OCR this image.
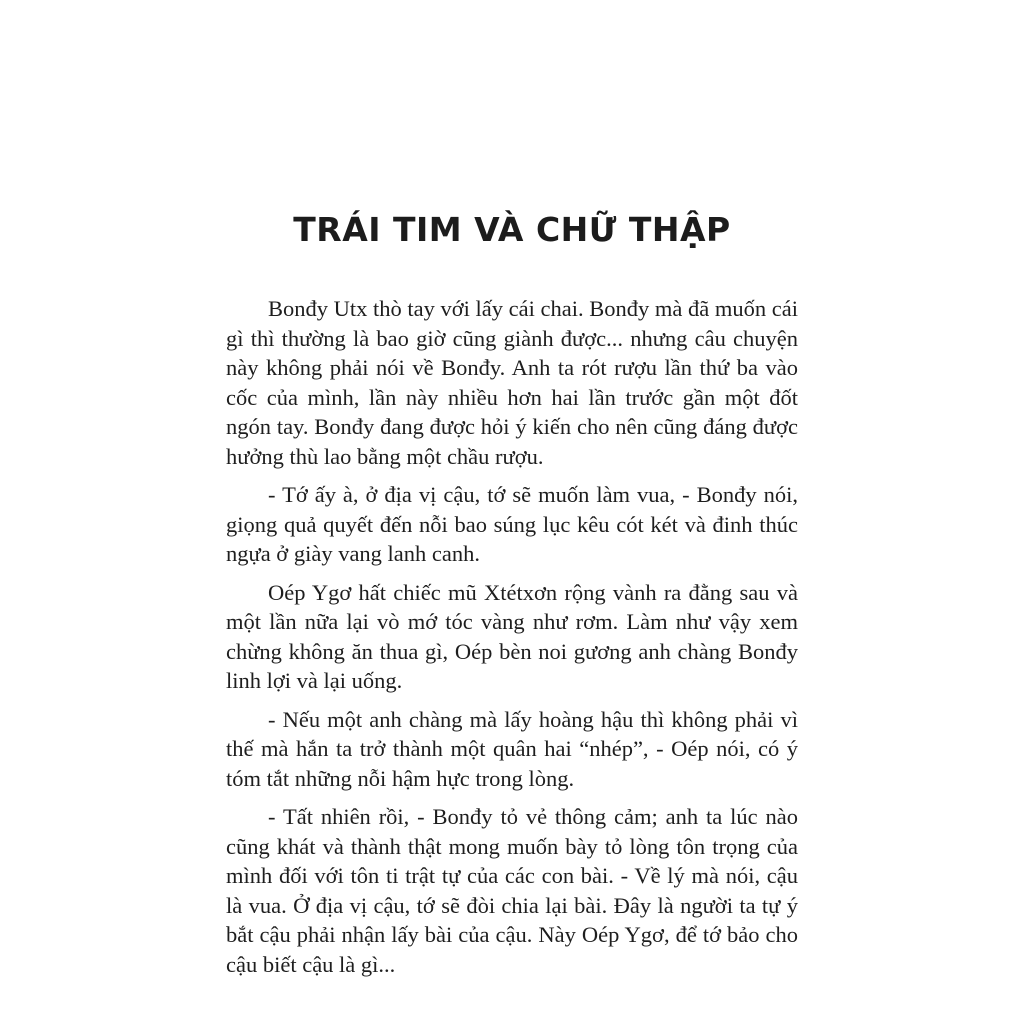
TRÁI TIM VÀ CHỮ THẬP

Bonđy Utx thò tay với lấy cái chai. Bonđy mà đã muốn cái gì thì thường là bao giờ cũng giành được... nhưng câu chuyện này không phải nói về Bonđy. Anh ta rót rượu lần thứ ba vào cốc của mình, lần này nhiều hơn hai lần trước gần một đốt ngón tay. Bonđy đang được hỏi ý kiến cho nên cũng đáng được hưởng thù lao bằng một chầu rượu.

- Tớ ấy à, ở địa vị cậu, tớ sẽ muốn làm vua, - Bonđy nói, giọng quả quyết đến nỗi bao súng lục kêu cót két và đinh thúc ngựa ở giày vang lanh canh.

Oép Ygơ hất chiếc mũ Xtétxơn rộng vành ra đằng sau và một lần nữa lại vò mớ tóc vàng như rơm. Làm như vậy xem chừng không ăn thua gì, Oép bèn noi gương anh chàng Bonđy linh lợi và lại uống.

- Nếu một anh chàng mà lấy hoàng hậu thì không phải vì thế mà hắn ta trở thành một quân hai “nhép”, - Oép nói, có ý tóm tắt những nỗi hậm hực trong lòng.

- Tất nhiên rồi, - Bonđy tỏ vẻ thông cảm; anh ta lúc nào cũng khát và thành thật mong muốn bày tỏ lòng tôn trọng của mình đối với tôn ti trật tự của các con bài. - Về lý mà nói, cậu là vua. Ở địa vị cậu, tớ sẽ đòi chia lại bài. Đây là người ta tự ý bắt cậu phải nhận lấy bài của cậu. Này Oép Ygơ, để tớ bảo cho cậu biết cậu là gì...
